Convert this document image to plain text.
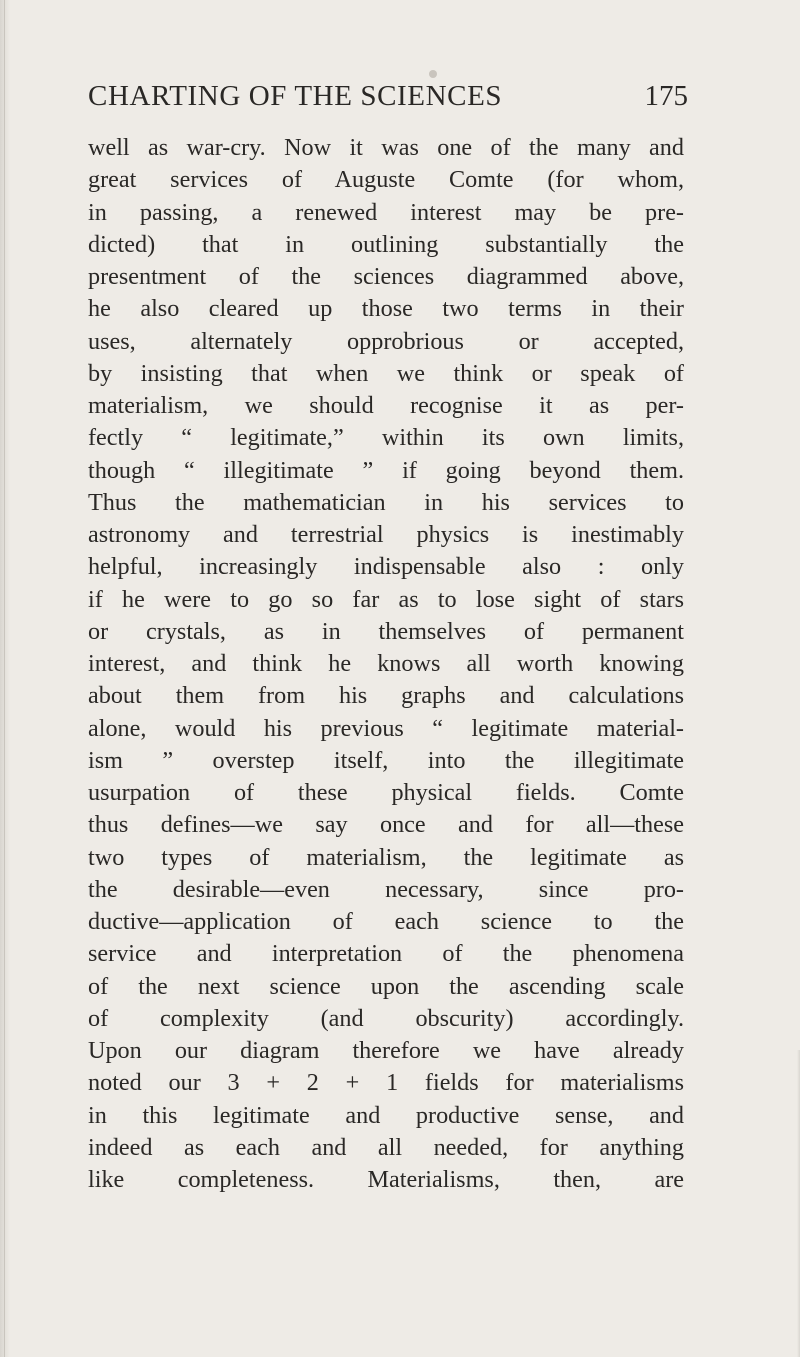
CHARTING OF THE SCIENCES	175
well as war-cry. Now it was one of the many and
great services of Auguste Comte (for whom,
in passing, a renewed interest may be pre-
dicted) that in outlining substantially the
presentment of the sciences diagrammed above,
he also cleared up those two terms in their
uses, alternately opprobrious or accepted,
by insisting that when we think or speak of
materialism, we should recognise it as per-
fectly “ legitimate,” within its own limits,
though “ illegitimate ” if going beyond them.
Thus the mathematician in his services to
astronomy and terrestrial physics is inestimably
helpful, increasingly indispensable also : only
if he were to go so far as to lose sight of stars
or crystals, as in themselves of permanent
interest, and think he knows all worth knowing
about them from his graphs and calculations
alone, would his previous “ legitimate material-
ism ” overstep itself, into the illegitimate
usurpation of these physical fields. Comte
thus defines—we say once and for all—these
two types of materialism, the legitimate as
the desirable—even necessary, since pro-
ductive—application of each science to the
service and interpretation of the phenomena
of the next science upon the ascending scale
of complexity (and obscurity) accordingly.
Upon our diagram therefore we have already
noted our 3 + 2 + 1 fields for materialisms
in this legitimate and productive sense, and
indeed as each and all needed, for anything
like completeness. Materialisms, then, are
